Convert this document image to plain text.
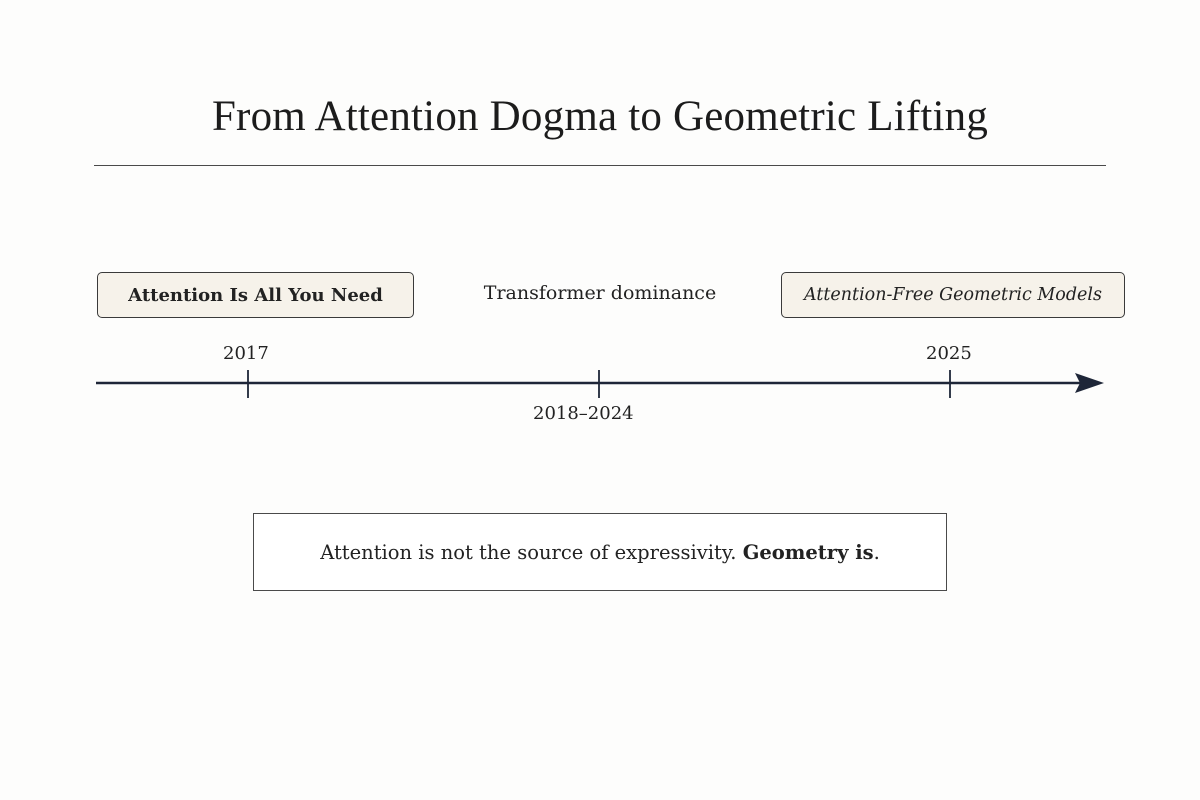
From Attention Dogma to Geometric Lifting
Attention Is All You Need	Transformer dominance	Attention-Free Geometric Models
2017
2018–2024
2025
Attention is not the source of expressivity. Geometry is .
